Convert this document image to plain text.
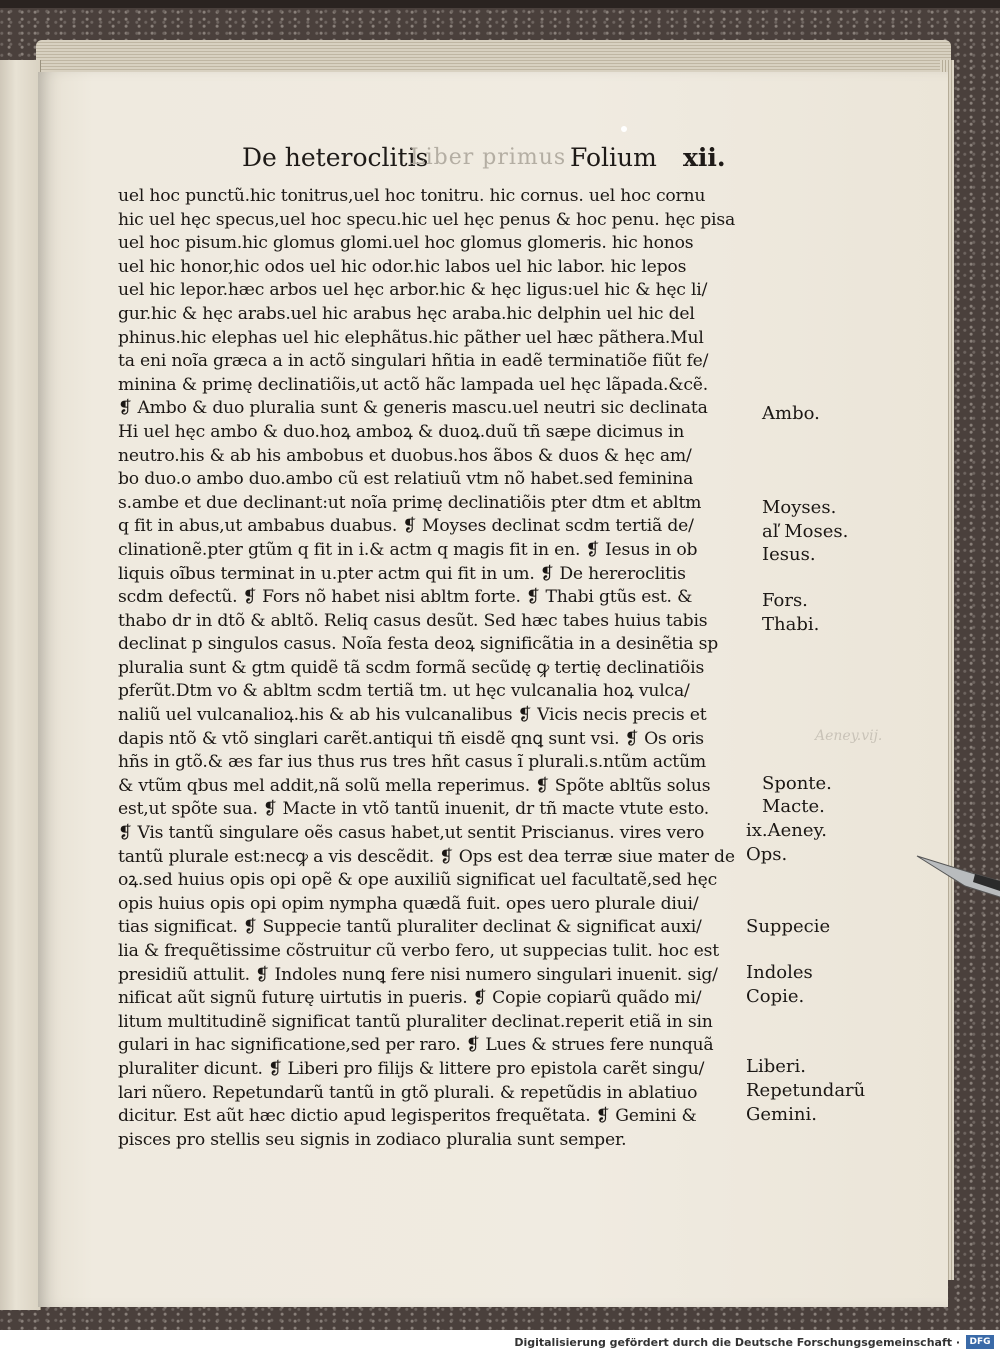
De heteroclitis
Liber primus Folium xii.
uel hoc punctũ.hic tonitrus,uel hoc tonitru. hic cornus. uel hoc cornu
hic uel hęc specus,uel hoc specu.hic uel hęc penus & hoc penu. hęc pisa
uel hoc pisum.hic glomus glomi.uel hoc glomus glomeris. hic honos
uel hic honor,hic odos uel hic odor.hic labos uel hic labor. hic lepos
uel hic lepor.hæc arbos uel hęc arbor.hic & hęc ligus:uel hic & hęc li/
gur.hic & hęc arabs.uel hic arabus hęc araba.hic delphin uel hic del
phinus.hic elephas uel hic elephãtus.hic pãther uel hæc pãthera.Mul
ta eni noĩa græca a in actõ singulari hñtia in eadẽ terminatiõe fiũt fe/
minina & primę declinatiõis,ut actõ hãc lampada uel hęc lãpada.&cẽ.
❡ Ambo & duo pluralia sunt & generis mascu.uel neutri sic declinata
Hi uel hęc ambo & duo.hoꝝ amboꝝ & duoꝝ.duũ tñ sæpe dicimus in
neutro.his & ab his ambobus et duobus.hos ãbos & duos & hęc am/
bo duo.o ambo duo.ambo cũ est relatiuũ vtm nõ habet.sed feminina
s.ambe et due declinant:ut noĩa primę declinatiõis pter dtm et abltm
q fit in abus,ut ambabus duabus. ❡ Moyses declinat scdm tertiã de/
clinationẽ.pter gtũm q fit in i.& actm q magis fit in en. ❡ Iesus in ob
liquis oĩbus terminat in u.pter actm qui fit in um. ❡ De hereroclitis
scdm defectũ. ❡ Fors nõ habet nisi abltm forte. ❡ Thabi gtũs est. &
thabo dr in dtõ & abltõ. Reliq casus desũt. Sed hæc tabes huius tabis
declinat p singulos casus. Noĩa festa deoꝝ significãtia in a desinẽtia sp
pluralia sunt & gtm quidẽ tã scdm formã secũdę ꝙ tertię declinatiõis
pferũt.Dtm vo & abltm scdm tertiã tm. ut hęc vulcanalia hoꝝ vulca/
naliũ uel vulcanalioꝝ.his & ab his vulcanalibus ❡ Vicis necis precis et
dapis ntõ & vtõ singlari carẽt.antiqui tñ eisdẽ qnꝗ sunt vsi. ❡ Os oris
hñs in gtõ.& æs far ius thus rus tres hñt casus ĩ plurali.s.ntũm actũm
& vtũm qbus mel addit,nã solũ mella reperimus. ❡ Spõte abltũs solus
est,ut spõte sua. ❡ Macte in vtõ tantũ inuenit, dr tñ macte vtute esto.
❡ Vis tantũ singulare oẽs casus habet,ut sentit Priscianus. vires vero
tantũ plurale est:necꝙ a vis descẽdit. ❡ Ops est dea terræ siue mater de
oꝝ.sed huius opis opi opẽ & ope auxiliũ significat uel facultatẽ,sed hęc
opis huius opis opi opim nympha quædã fuit. opes uero plurale diui/
tias significat. ❡ Suppecie tantũ pluraliter declinat & significat auxi/
lia & frequẽtissime cõstruitur cũ verbo fero, ut suppecias tulit. hoc est
presidiũ attulit. ❡ Indoles nunꝗ fere nisi numero singulari inuenit. sig/
nificat aũt signũ futurę uirtutis in pueris. ❡ Copie copiarũ quãdo mi/
litum multitudinẽ significat tantũ pluraliter declinat.reperit etiã in sin
gulari in hac significatione,sed per raro. ❡ Lues & strues fere nunquã
pluraliter dicunt. ❡ Liberi pro filijs & littere pro epistola carẽt singu/
lari nũero. Repetundarũ tantũ in gtõ plurali. & repetũdis in ablatiuo
dicitur. Est aũt hæc dictio apud legisperitos frequẽtata. ❡ Gemini &
pisces pro stellis seu signis in zodiaco pluralia sunt semper.
Ambo.
Moyses.
aľ Moses.
Iesus.
Fors.
Thabi.
Aeney.vij.
Sponte.
Macte.
ix.Aeney.
Ops.
Suppecie
Indoles
Copie.
Liberi.
Repetundarũ
Gemini.
Digitalisierung gefördert durch die Deutsche Forschungsgemeinschaft ·	DFG
